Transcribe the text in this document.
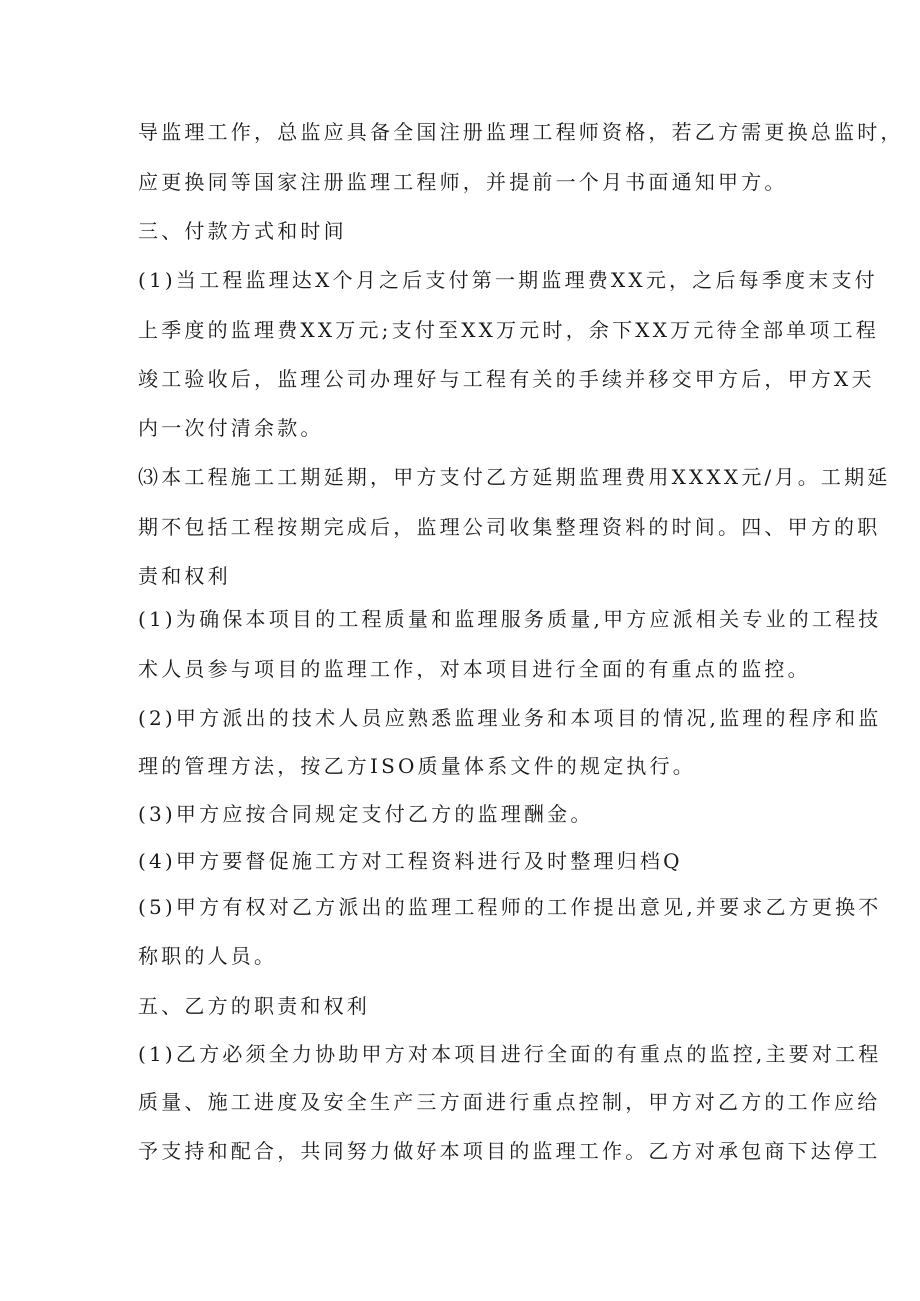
导监理工作，总监应具备全国注册监理工程师资格，若乙方需更换总监时，
应更换同等国家注册监理工程师，并提前一个月书面通知甲方。
三、付款方式和时间
(1)当工程监理达X个月之后支付第一期监理费XX元，之后每季度末支付
上季度的监理费XX万元;支付至XX万元时，余下XX万元待全部单项工程
竣工验收后，监理公司办理好与工程有关的手续并移交甲方后，甲方X天
内一次付清余款。
⑶本工程施工工期延期，甲方支付乙方延期监理费用XXXX元/月。工期延
期不包括工程按期完成后，监理公司收集整理资料的时间。四、甲方的职
责和权利
(1)为确保本项目的工程质量和监理服务质量,甲方应派相关专业的工程技
术人员参与项目的监理工作，对本项目进行全面的有重点的监控。
(2)甲方派出的技术人员应熟悉监理业务和本项目的情况,监理的程序和监
理的管理方法，按乙方ISO质量体系文件的规定执行。
(3)甲方应按合同规定支付乙方的监理酬金。
(4)甲方要督促施工方对工程资料进行及时整理归档Q
(5)甲方有权对乙方派出的监理工程师的工作提出意见,并要求乙方更换不
称职的人员。
五、乙方的职责和权利
(1)乙方必须全力协助甲方对本项目进行全面的有重点的监控,主要对工程
质量、施工进度及安全生产三方面进行重点控制，甲方对乙方的工作应给
予支持和配合，共同努力做好本项目的监理工作。乙方对承包商下达停工
